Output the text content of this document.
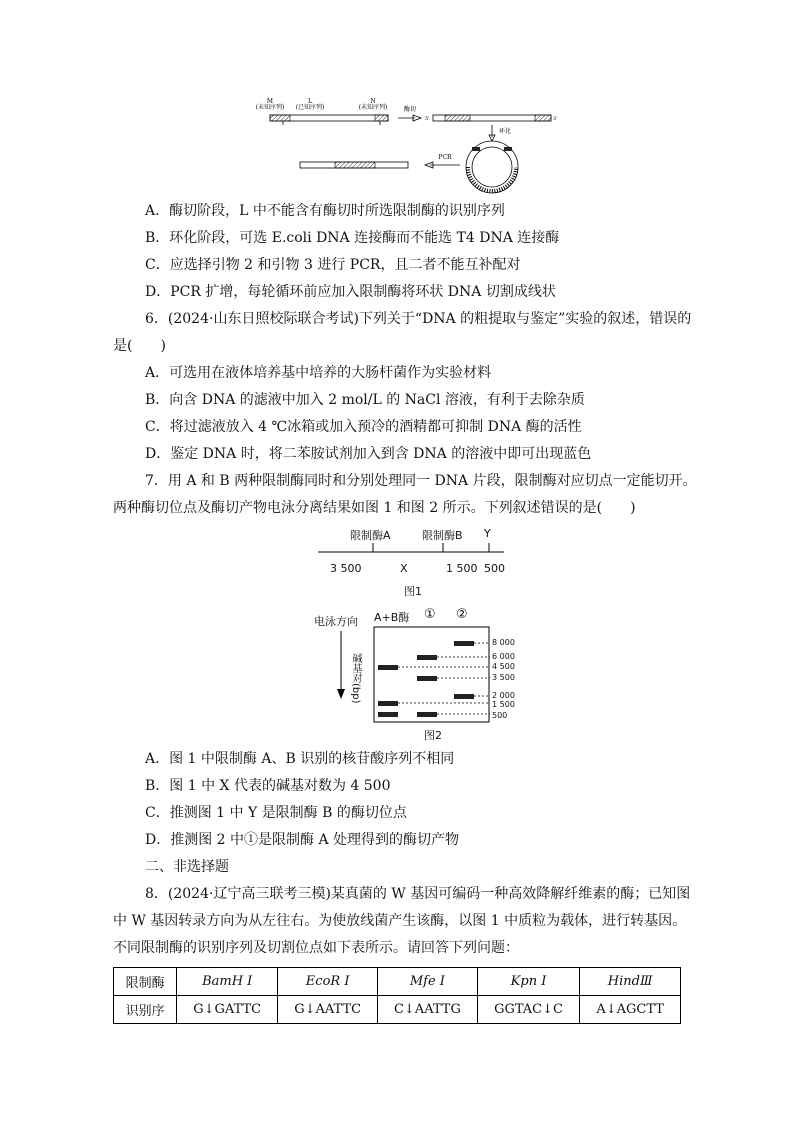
M
(未知序列)
L
(已知序列)
N
(未知序列)	酶切
5'	3'
环化
PCR
A．酶切阶段，L 中不能含有酶切时所选限制酶的识别序列
B．环化阶段，可选 E.coli DNA 连接酶而不能选 T4 DNA 连接酶
C．应选择引物 2 和引物 3 进行 PCR，且二者不能互补配对
D．PCR 扩增，每轮循环前应加入限制酶将环状 DNA 切割成线状
6．(2024·山东日照校际联合考试)下列关于“DNA 的粗提取与鉴定”实验的叙述，错误的
是(　　)
A．可选用在液体培养基中培养的大肠杆菌作为实验材料
B．向含 DNA 的滤液中加入 2 mol/L 的 NaCl 溶液，有利于去除杂质
C．将过滤液放入 4 ℃冰箱或加入预冷的酒精都可抑制 DNA 酶的活性
D．鉴定 DNA 时，将二苯胺试剂加入到含 DNA 的溶液中即可出现蓝色
7．用 A 和 B 两种限制酶同时和分别处理同一 DNA 片段，限制酶对应切点一定能切开。
两种酶切位点及酶切产物电泳分离结果如图 1 和图 2 所示。下列叙述错误的是(　　)
限制酶A	限制酶B Y
3 500	X	1 500 500
图1
电泳方向 A+B酶 ① ②
碱基对(bp)
8 000
6 000
4 500
3 500
2 000
1 500
500
图2
A．图 1 中限制酶 A、B 识别的核苷酸序列不相同
B．图 1 中 X 代表的碱基对数为 4 500
C．推测图 1 中 Y 是限制酶 B 的酶切位点
D．推测图 2 中①是限制酶 A 处理得到的酶切产物
二、非选择题
8．(2024·辽宁高三联考三模)某真菌的 W 基因可编码一种高效降解纤维素的酶；已知图
中 W 基因转录方向为从左往右。为使放线菌产生该酶，以图 1 中质粒为载体，进行转基因。
不同限制酶的识别序列及切割位点如下表所示。请回答下列问题：
限制酶	BamH Ⅰ	EcoR Ⅰ	Mfe Ⅰ	Kpn Ⅰ	HindⅢ
识别序	G↓GATTC	G↓AATTC	C↓AATTG	GGTAC↓C	A↓AGCTT
